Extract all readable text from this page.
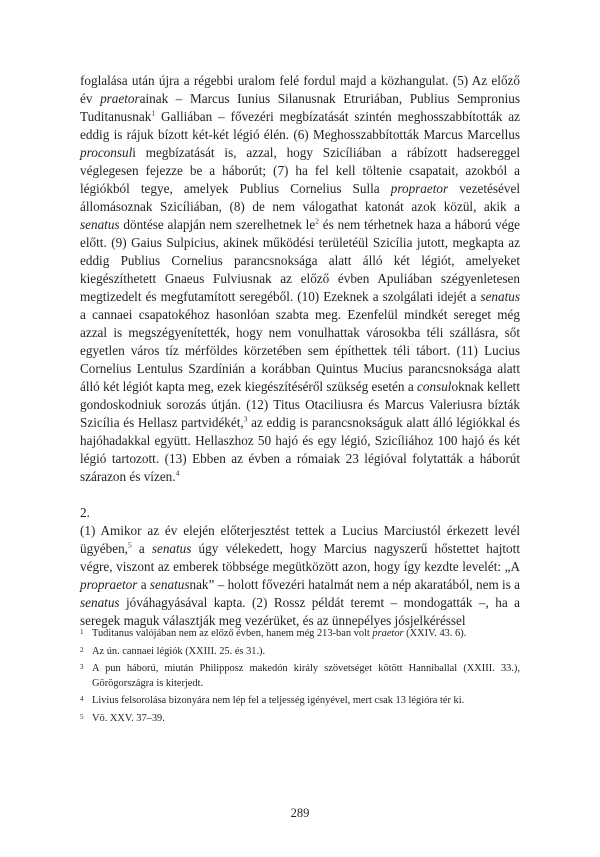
foglalása után újra a régebbi uralom felé fordul majd a közhangulat. (5) Az előző év praetorainak – Marcus Iunius Silanusnak Etruriában, Publius Sempronius Tuditanusnak$^1$ Galliában – fővezéri megbízatását szintén meghosszabbították az eddig is rájuk bízott két-két légió élén. (6) Meghosszabbították Marcus Marcellus proconsuli megbízatását is, azzal, hogy Szicíliában a rábízott hadsereggel véglegesen fejezze be a háborút; (7) ha fel kell töltenie csapatait, azokból a légiókból tegye, amelyek Publius Cornelius Sulla propraetor vezetésével állomásoznak Szicíliában, (8) de nem válogathat katonát azok közül, akik a senatus döntése alapján nem szerelhetnek $le^2$ és nem térhetnek haza a háború vége előtt. (9) Gaius Sulpicius, akinek működési területéül Szicília jutott, megkapta az eddig Publius Cornelius parancsnoksága alatt álló két légiót, amelyeket kiegészíthetett Gnaeus Fulviusnak az előző évben Apuliában szégyenletesen megtizedelt és megfutamított seregéből. (10) Ezeknek a szolgálati idejét a senatus a cannaei csapatokéhoz hasonlóan szabta meg. Ezenfelül mindkét sereget még azzal is megszégyenítették, hogy nem vonulhattak városokba téli szállásra, sőt egyetlen város tíz mérföldes körzetében sem építhettek téli tábort. (11) Lucius Cornelius Lentulus Szardínián a korábban Quintus Mucius parancsnoksága alatt álló két légiót kapta meg, ezek kiegészítéséről szükség esetén a consuloknak kellett gondoskodniuk sorozás útján. (12) Titus Otaciliusra és Marcus Valeriusra bízták Szicília és Hellasz partvidékét,$^3$ az eddig is parancsnokságuk alatt álló légiókkal és hajóhadakkal együtt. Hellaszhoz 50 hajó és egy légió, Szicíliához 100 hajó és két légió tartozott. (13) Ebben az évben a rómaiak 23 légióval folytatták a háborút szárazon és vízen.$^4$

2.

(1) Amikor az év elején előterjesztést tettek a Lucius Marciustól érkezett levél ügyében,$^5$ a senatus úgy vélekedett, hogy Marcius nagyszerű hőstettet hajtott végre, viszont az emberek többsége megütközött azon, hogy így kezdte levelét: „A propraetor a senatusnak” – holott fővezéri hatalmát nem a nép akaratából, nem is a senatus jóváhagyásával kapta. (2) Rossz példát teremt – mondogatták –, ha a seregek maguk választják meg vezérüket, és az ünnepélyes jósjelkéréssel

1 Tuditanus valójában nem az előző évben, hanem még 213-ban volt praetor (XXIV. 43. 6).
2 Az ún. cannaei légiók (XXIII. 25. és 31.).
3 A pun háború, miután Philipposz makedón király szövetséget kötött Hanniballal (XXIII. 33.), Görögországra is kiterjedt.
4 Livius felsorolása bizonyára nem lép fel a teljesség igényével, mert csak 13 légióra tér ki.
5 Vö. XXV. 37–39.
289
